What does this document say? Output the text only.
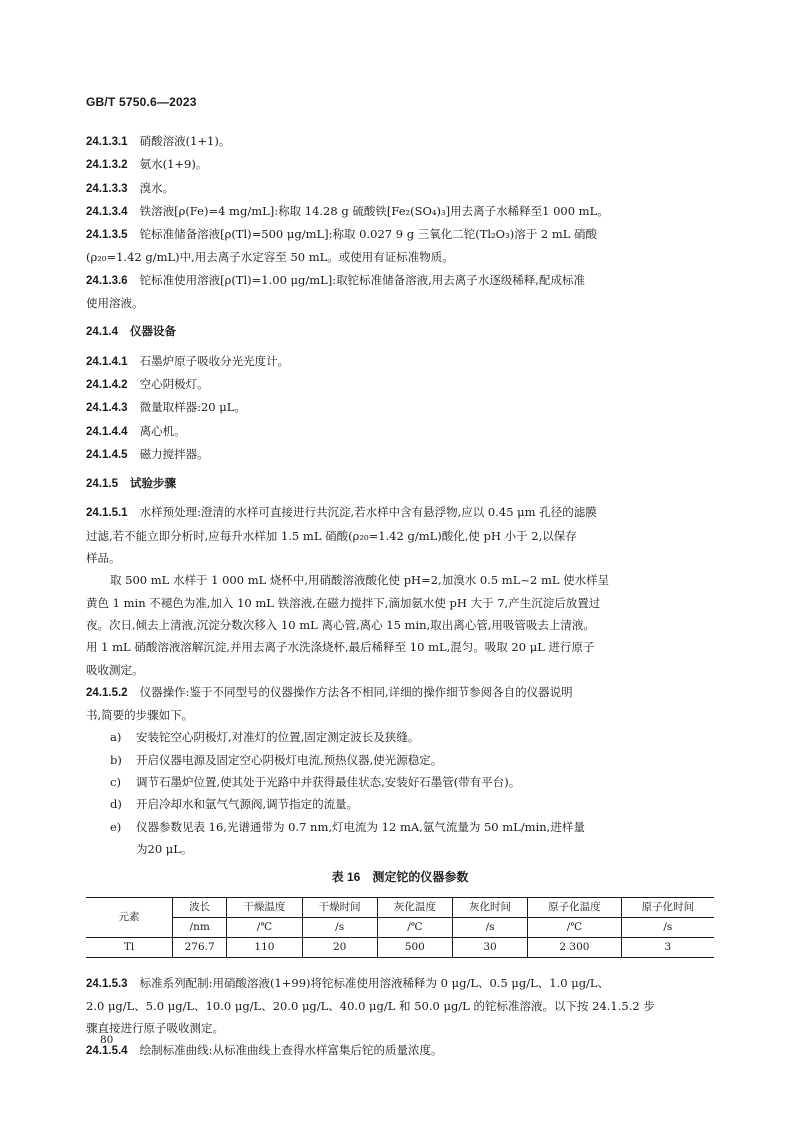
GB/T 5750.6—2023
24.1.3.1 硝酸溶液(1+1)。
24.1.3.2 氨水(1+9)。
24.1.3.3 溴水。
24.1.3.4 铁溶液[ρ(Fe)=4 mg/mL]:称取 14.28 g 硫酸铁[Fe₂(SO₄)₃]用去离子水稀释至1 000 mL。
24.1.3.5 铊标准储备溶液[ρ(Tl)=500 μg/mL]:称取 0.027 9 g 三氧化二铊(Tl₂O₃)溶于 2 mL 硝酸
(ρ₂₀=1.42 g/mL)中,用去离子水定容至 50 mL。或使用有证标准物质。
24.1.3.6 铊标准使用溶液[ρ(Tl)=1.00 μg/mL]:取铊标准储备溶液,用去离子水逐级稀释,配成标准
使用溶液。
24.1.4 仪器设备
24.1.4.1 石墨炉原子吸收分光光度计。
24.1.4.2 空心阴极灯。
24.1.4.3 微量取样器:20 μL。
24.1.4.4 离心机。
24.1.4.5 磁力搅拌器。
24.1.5 试验步骤
24.1.5.1 水样预处理:澄清的水样可直接进行共沉淀,若水样中含有悬浮物,应以 0.45 μm 孔径的滤膜
过滤,若不能立即分析时,应每升水样加 1.5 mL 硝酸(ρ₂₀=1.42 g/mL)酸化,使 pH 小于 2,以保存
样品。
取 500 mL 水样于 1 000 mL 烧杯中,用硝酸溶液酸化使 pH=2,加溴水 0.5 mL~2 mL 使水样呈
黄色 1 min 不褪色为准,加入 10 mL 铁溶液,在磁力搅拌下,滴加氨水使 pH 大于 7,产生沉淀后放置过
夜。次日,倾去上清液,沉淀分数次移入 10 mL 离心管,离心 15 min,取出离心管,用吸管吸去上清液。
用 1 mL 硝酸溶液溶解沉淀,并用去离子水洗涤烧杯,最后稀释至 10 mL,混匀。吸取 20 μL 进行原子
吸收测定。
24.1.5.2 仪器操作:鉴于不同型号的仪器操作方法各不相同,详细的操作细节参阅各自的仪器说明
书,简要的步骤如下。
a) 安装铊空心阴极灯,对准灯的位置,固定测定波长及狭缝。
b) 开启仪器电源及固定空心阴极灯电流,预热仪器,使光源稳定。
c) 调节石墨炉位置,使其处于光路中并获得最佳状态,安装好石墨管(带有平台)。
d) 开启冷却水和氩气气源阀,调节指定的流量。
e) 仪器参数见表 16,光谱通带为 0.7 nm,灯电流为 12 mA,氩气流量为 50 mL/min,进样量
为20 μL。
表 16　测定铊的仪器参数
元素	波长	干燥温度	干燥时间	灰化温度	灰化时间	原子化温度	原子化时间
	/nm	/℃	/s	/℃	/s	/℃	/s
Tl	276.7	110	20	500	30	2 300	3
24.1.5.3 标准系列配制:用硝酸溶液(1+99)将铊标准使用溶液稀释为 0 μg/L、0.5 μg/L、1.0 μg/L、
2.0 μg/L、5.0 μg/L、10.0 μg/L、20.0 μg/L、40.0 μg/L 和 50.0 μg/L 的铊标准溶液。以下按 24.1.5.2 步
骤直接进行原子吸收测定。
24.1.5.4 绘制标准曲线:从标准曲线上查得水样富集后铊的质量浓度。
80
